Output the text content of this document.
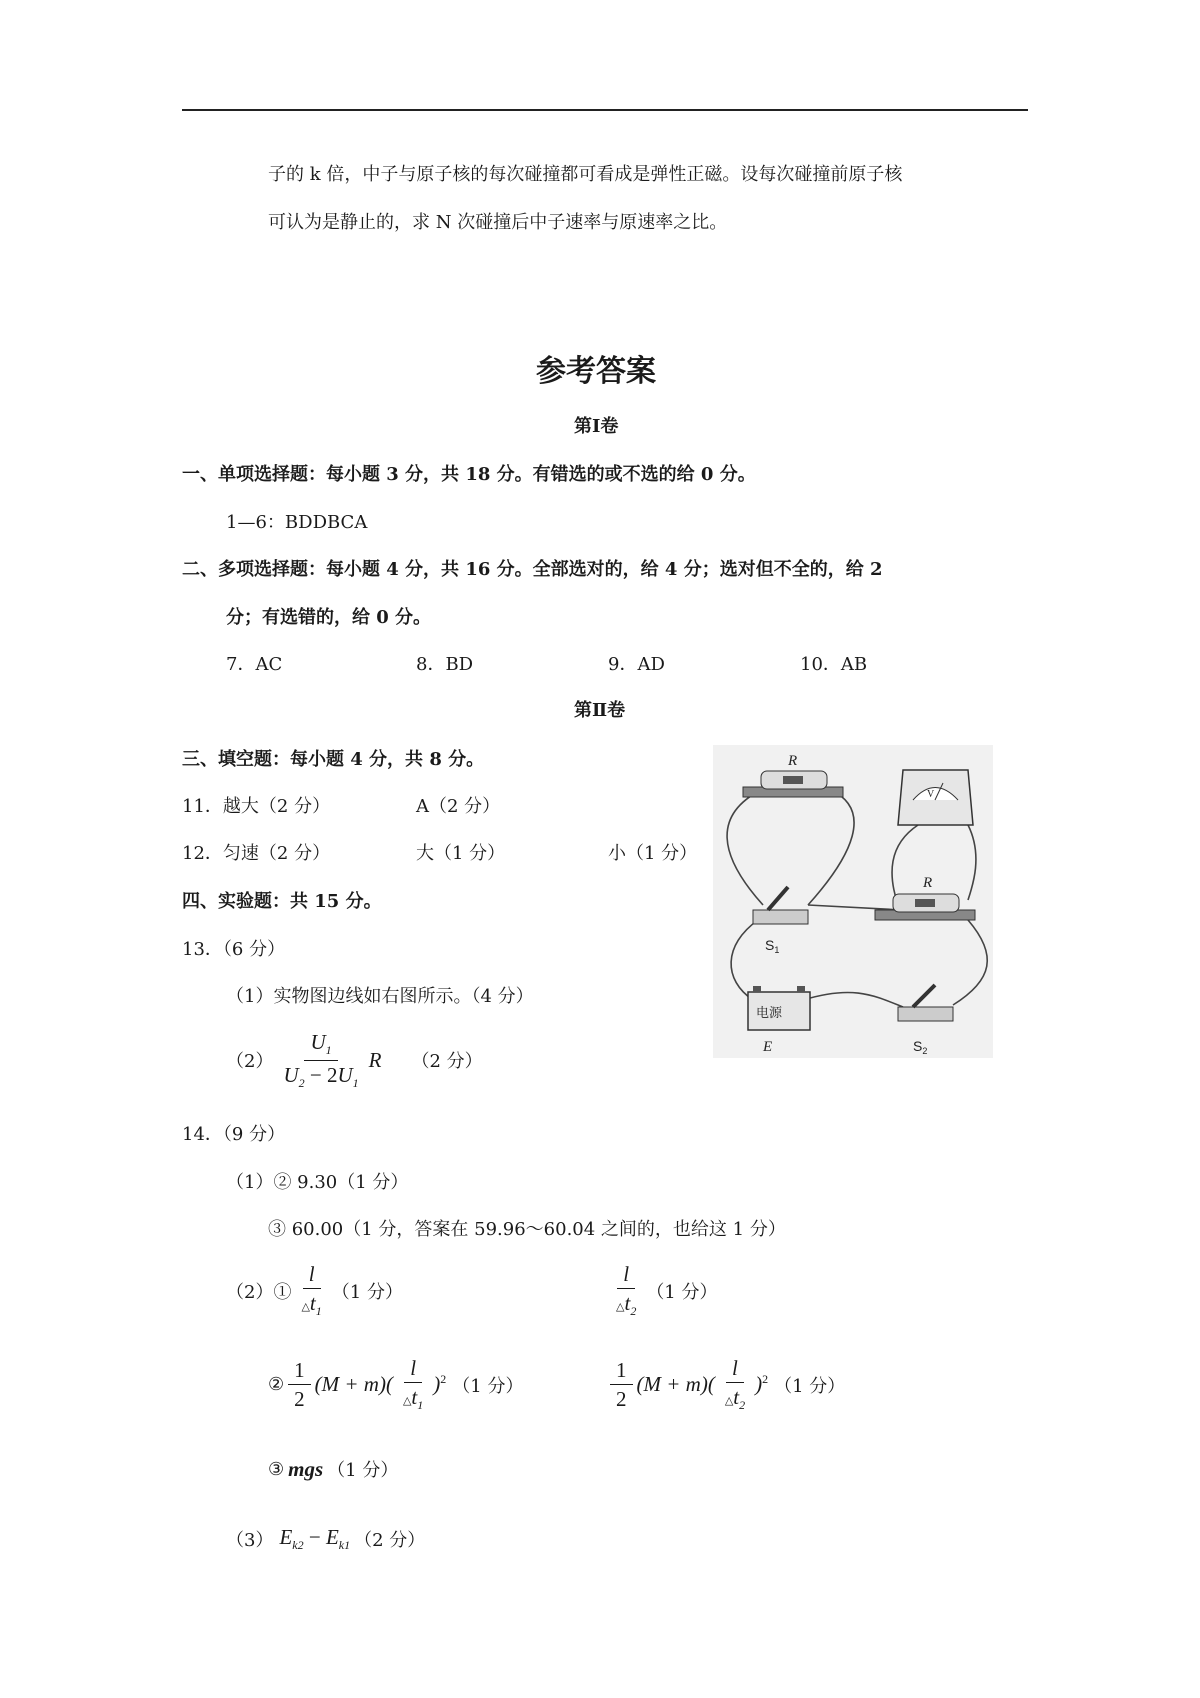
子的 k 倍，中子与原子核的每次碰撞都可看成是弹性正磁。设每次碰撞前原子核
可认为是静止的，求 N 次碰撞后中子速率与原速率之比。
参考答案
第Ⅰ卷
一、单项选择题：每小题 3 分，共 18 分。有错选的或不选的给 0 分。
1—6：BDDBCA
二、多项选择题：每小题 4 分，共 16 分。全部选对的，给 4 分；选对但不全的，给 2
分；有选错的，给 0 分。
7．AC	8．BD	9．AD	10．AB
第Ⅱ卷
三、填空题：每小题 4 分，共 8 分。
11．越大（2 分）	A（2 分）
12．匀速（2 分）	大（1 分）	小（1 分）
四、实验题：共 15 分。
13．（6 分）
（1）实物图边线如右图所示。（4 分）
$(2) \frac{U_1}{U_2 - 2U_1}$ R （2 分）
14．（9 分）
（1）② 9.30（1 分）
③ 60.00（1 分，答案在 59.96～60.04 之间的，也给这 1 分）
（2）① $\frac{l}{\triangle t_1} (1$ 分）	$\frac{l}{\triangle t_2} (1$ 分）
② $\frac{1}{2} (M + m)( \frac{l}{\triangle t_1} )^2$ （1 分）	$\frac{1}{2} (M + m)( \frac{l}{\triangle t_2} )^2$ （1 分）
③ mgs （1 分）
（3） $E_{k2} - E_{k1}$ （2 分）
R
V
R
$S_1$
电源
E	$S_2$
